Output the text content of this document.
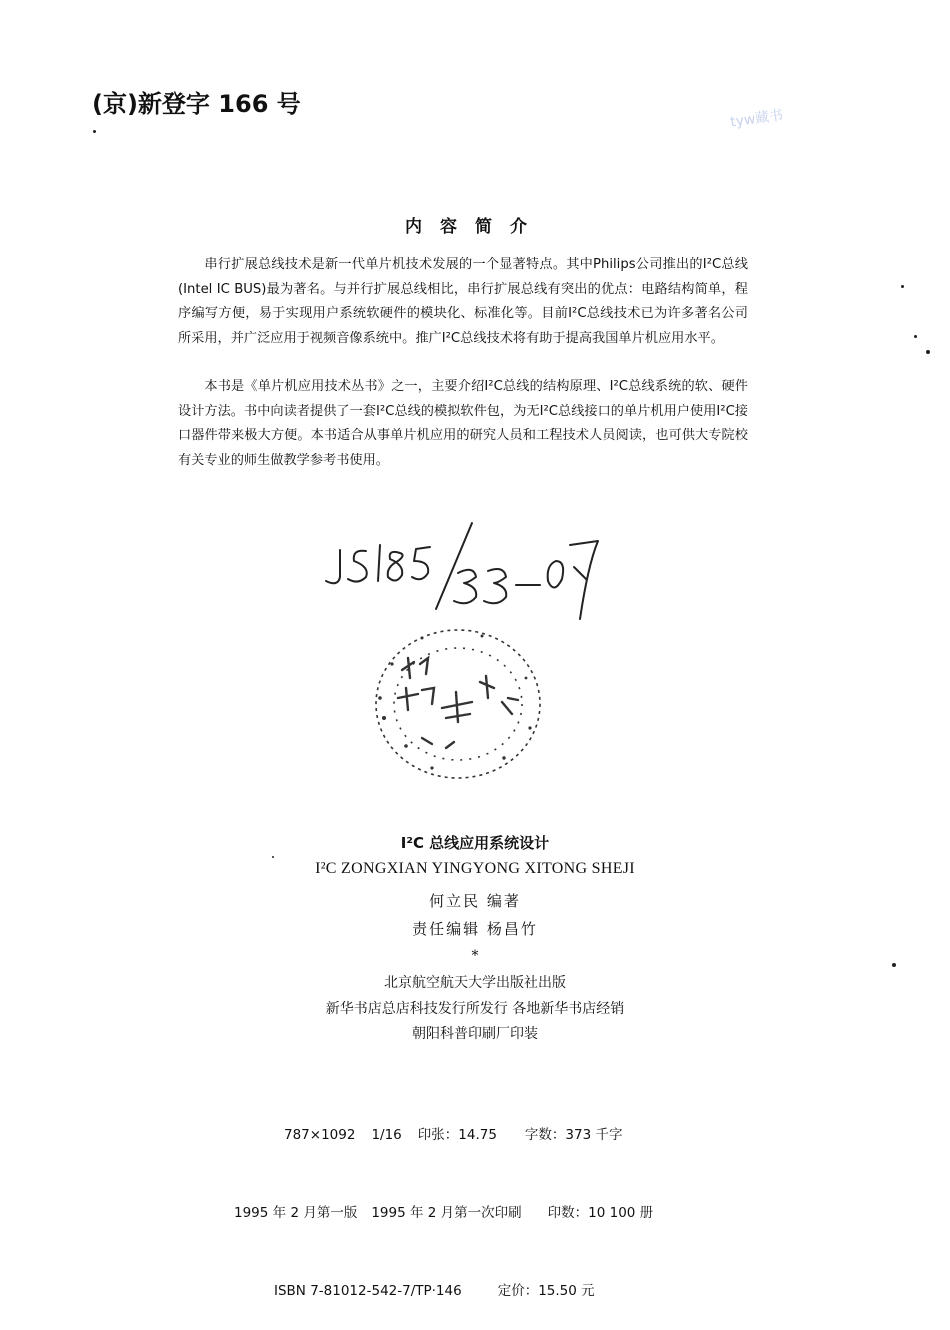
(京)新登字 166 号
tyw藏书
内容简介
串行扩展总线技术是新一代单片机技术发展的一个显著特点。其中Philips公司推出的I²C总线(Intel IC BUS)最为著名。与并行扩展总线相比，串行扩展总线有突出的优点：电路结构简单，程序编写方便，易于实现用户系统软硬件的模块化、标准化等。目前I²C总线技术已为许多著名公司所采用，并广泛应用于视频音像系统中。推广I²C总线技术将有助于提高我国单片机应用水平。
本书是《单片机应用技术丛书》之一，主要介绍I²C总线的结构原理、I²C总线系统的软、硬件设计方法。书中向读者提供了一套I²C总线的模拟软件包，为无I²C总线接口的单片机用户使用I²C接口器件带来极大方便。本书适合从事单片机应用的研究人员和工程技术人员阅读，也可供大专院校有关专业的师生做教学参考书使用。
I²C 总线应用系统设计
I²C ZONGXIAN YINGYONG XITONG SHEJI
何立民 编著
责任编辑 杨昌竹
*
北京航空航天大学出版社出版
新华书店总店科技发行所发行 各地新华书店经销
朝阳科普印刷厂印装

787×1092 1/16 印张：14.75 字数：373 千字

1995 年 2 月第一版 1995 年 2 月第一次印刷 印数：10 100 册

ISBN 7-81012-542-7/TP·146	定价：15.50 元
